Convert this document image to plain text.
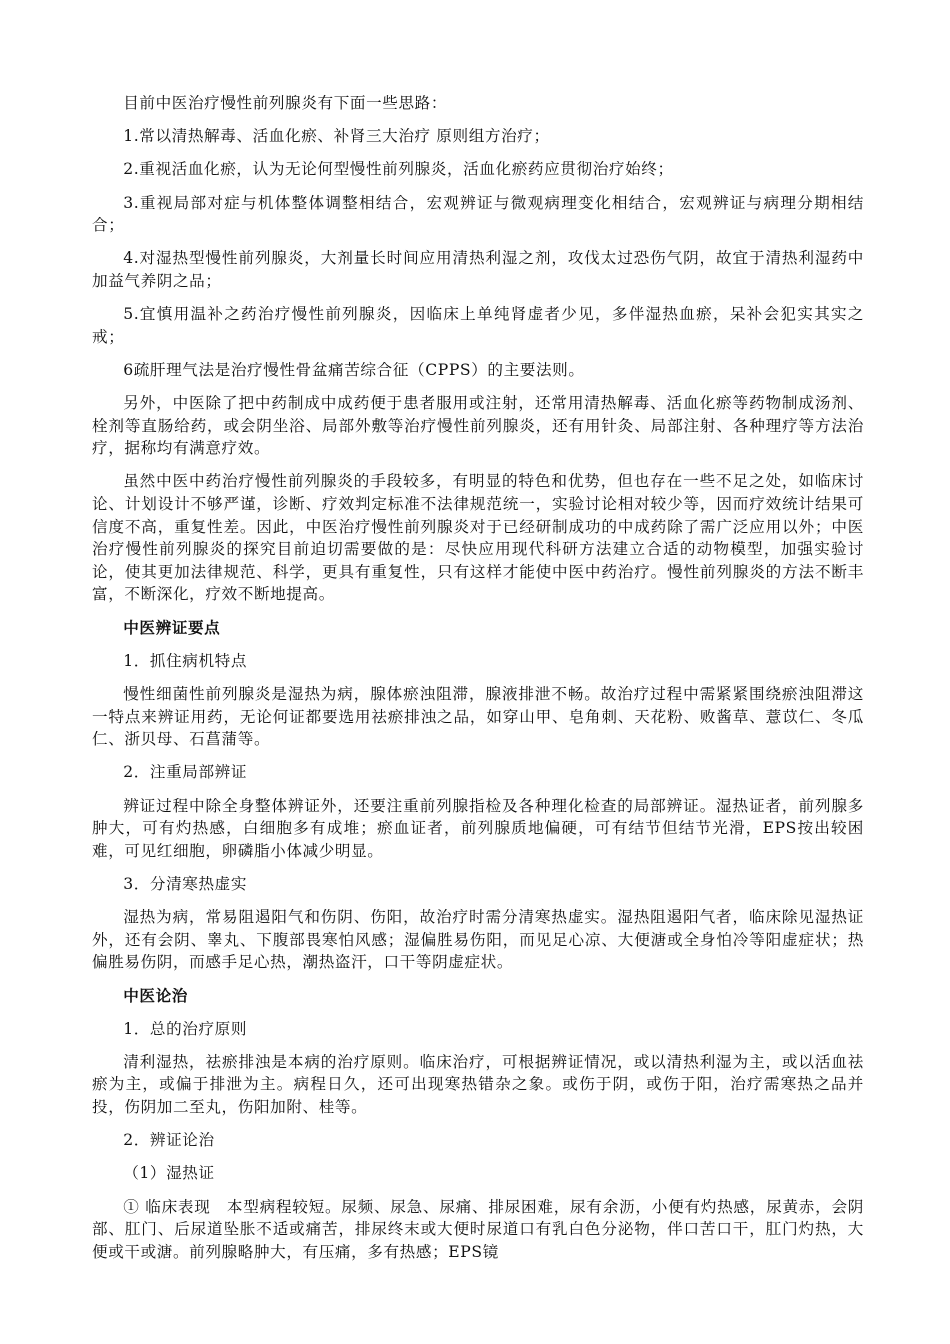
目前中医治疗慢性前列腺炎有下面一些思路：

1.常以清热解毒、活血化瘀、补肾三大治疗 原则组方治疗；

2.重视活血化瘀，认为无论何型慢性前列腺炎，活血化瘀药应贯彻治疗始终；

3.重视局部对症与机体整体调整相结合，宏观辨证与微观病理变化相结合，宏观辨证与病理分期相结合；

4.对湿热型慢性前列腺炎，大剂量长时间应用清热利湿之剂，攻伐太过恐伤气阴，故宜于清热利湿药中加益气养阴之品；

5.宜慎用温补之药治疗慢性前列腺炎，因临床上单纯肾虚者少见，多伴湿热血瘀，呆补会犯实其实之戒；

6疏肝理气法是治疗慢性骨盆痛苦综合征（CPPS）的主要法则。

另外，中医除了把中药制成中成药便于患者服用或注射，还常用清热解毒、活血化瘀等药物制成汤剂、栓剂等直肠给药，或会阴坐浴、局部外敷等治疗慢性前列腺炎，还有用针灸、局部注射、各种理疗等方法治疗，据称均有满意疗效。

虽然中医中药治疗慢性前列腺炎的手段较多，有明显的特色和优势，但也存在一些不足之处，如临床讨论、计划设计不够严谨，诊断、疗效判定标准不法律规范统一，实验讨论相对较少等，因而疗效统计结果可信度不高，重复性差。因此，中医治疗慢性前列腺炎对于已经研制成功的中成药除了需广泛应用以外；中医治疗慢性前列腺炎的探究目前迫切需要做的是：尽快应用现代科研方法建立合适的动物模型，加强实验讨论，使其更加法律规范、科学，更具有重复性，只有这样才能使中医中药治疗。慢性前列腺炎的方法不断丰富，不断深化，疗效不断地提高。

中医辨证要点

1．抓住病机特点

慢性细菌性前列腺炎是湿热为病，腺体瘀浊阻滞，腺液排泄不畅。故治疗过程中需紧紧围绕瘀浊阻滞这一特点来辨证用药，无论何证都要选用祛瘀排浊之品，如穿山甲、皂角刺、天花粉、败酱草、薏苡仁、冬瓜仁、浙贝母、石菖蒲等。

2．注重局部辨证

辨证过程中除全身整体辨证外，还要注重前列腺指检及各种理化检查的局部辨证。湿热证者，前列腺多肿大，可有灼热感，白细胞多有成堆；瘀血证者，前列腺质地偏硬，可有结节但结节光滑，EPS按出较困难，可见红细胞，卵磷脂小体减少明显。

3．分清寒热虚实

湿热为病，常易阻遏阳气和伤阴、伤阳，故治疗时需分清寒热虚实。湿热阻遏阳气者，临床除见湿热证外，还有会阴、睾丸、下腹部畏寒怕风感；湿偏胜易伤阳，而见足心凉、大便溏或全身怕冷等阳虚症状；热偏胜易伤阴，而感手足心热，潮热盗汗，口干等阴虚症状。

中医论治

1．总的治疗原则

清利湿热，祛瘀排浊是本病的治疗原则。临床治疗，可根据辨证情况，或以清热利湿为主，或以活血祛瘀为主，或偏于排泄为主。病程日久，还可出现寒热错杂之象。或伤于阴，或伤于阳，治疗需寒热之品并投，伤阴加二至丸，伤阳加附、桂等。

2．辨证论治

（1）湿热证

① 临床表现　本型病程较短。尿频、尿急、尿痛、排尿困难，尿有余沥，小便有灼热感，尿黄赤，会阴部、肛门、后尿道坠胀不适或痛苦，排尿终末或大便时尿道口有乳白色分泌物，伴口苦口干，肛门灼热，大便或干或溏。前列腺略肿大，有压痛，多有热感；EPS镜
